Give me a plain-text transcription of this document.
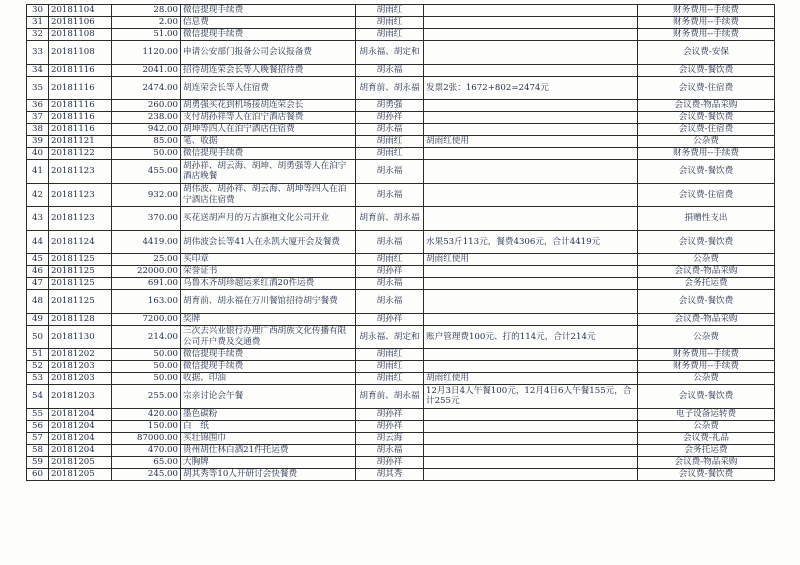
30	20181104	28.00	微信提现手续费	胡雨红		财务费用--手续费
31	20181106	2.00	信息费	胡雨红		财务费用--手续费
32	20181108	51.00	微信提现手续费	胡雨红		财务费用--手续费
33	20181108	1120.00	申请公安部门报备公司会议报备费	胡永福、胡定和		会议费-安保
34	20181116	2041.00	招待胡连荣会长等人晚餐招待费	胡永福		会议费-餐饮费
35	20181116	2474.00	胡连荣会长等人住宿费	胡育前、胡永福	发票2张：1672+802=2474元	会议费-住宿费
36	20181116	260.00	胡勇强买花到机场接胡连荣会长	胡勇强		会议费-物品采购
37	20181116	238.00	支付胡孙祥等人在泊宁酒店餐费	胡孙祥		会议费-餐饮费
38	20181116	942.00	胡坤等四人在泊宁酒店住宿费	胡永福		会议费-住宿费
39	20181121	85.00	笔、收据	胡雨红	胡雨红使用	公杂费
40	20181122	50.00	微信提现手续费	胡雨红		财务费用--手续费
41	20181123	455.00	胡孙祥、胡云海、胡坤、胡勇强等人在泊宁酒店晚餐	胡永福		会议费-餐饮费
42	20181123	932.00	胡伟波、胡孙祥、胡云海、胡坤等四人在泊宁酒店住宿费	胡永福		会议费-住宿费
43	20181123	370.00	买花送胡声月的万古旗袍文化公司开业	胡育前、胡永福		捐赠性支出
44	20181124	4419.00	胡伟波会长等41人在永凯大厦开会及餐费	胡永福	水果53斤113元，餐费4306元，合计4419元	会议费-餐饮费
45	20181125	25.00	买印章	胡雨红	胡雨红使用	公杂费
46	20181125	22000.00	荣誉证书	胡孙祥		会议费-物品采购
47	20181125	691.00	乌鲁木齐胡珍超运来红酒20件运费	胡永福		会务托运费
48	20181125	163.00	胡育前、胡永福在万川餐馆招待胡宁餐费	胡永福		会议费-餐饮费
49	20181128	7200.00	奖牌	胡孙祥		会议费-物品采购
50	20181130	214.00	三次去兴业银行办理广西胡族文化传播有限公司开户费及交通费	胡永福、胡定和	账户管理费100元、打的114元，合计214元	公杂费
51	20181202	50.00	微信提现手续费	胡雨红		财务费用--手续费
52	20181203	50.00	微信提现手续费	胡雨红		财务费用--手续费
53	20181203	50.00	收据、印油	胡雨红	胡雨红使用	公杂费
54	20181203	255.00	宗亲讨论会午餐	胡育前、胡永福	12月3日4人午餐100元，12月4日6人午餐155元，合计255元	会议费-餐饮费
55	20181204	420.00	墨色碳粉	胡孙祥		电子设备运转费
56	20181204	150.00	白　纸	胡孙祥		公杂费
57	20181204	87000.00	买壮锦围巾	胡云海		会议费-礼品
58	20181204	470.00	贵州胡仕林白酒21件托运费	胡永福		会务托运费
59	20181205	65.00	大胸牌	胡孙祥		会议费-物品采购
60	20181205	245.00	胡其秀等10人开研讨会快餐费	胡其秀		会议费-餐饮费
